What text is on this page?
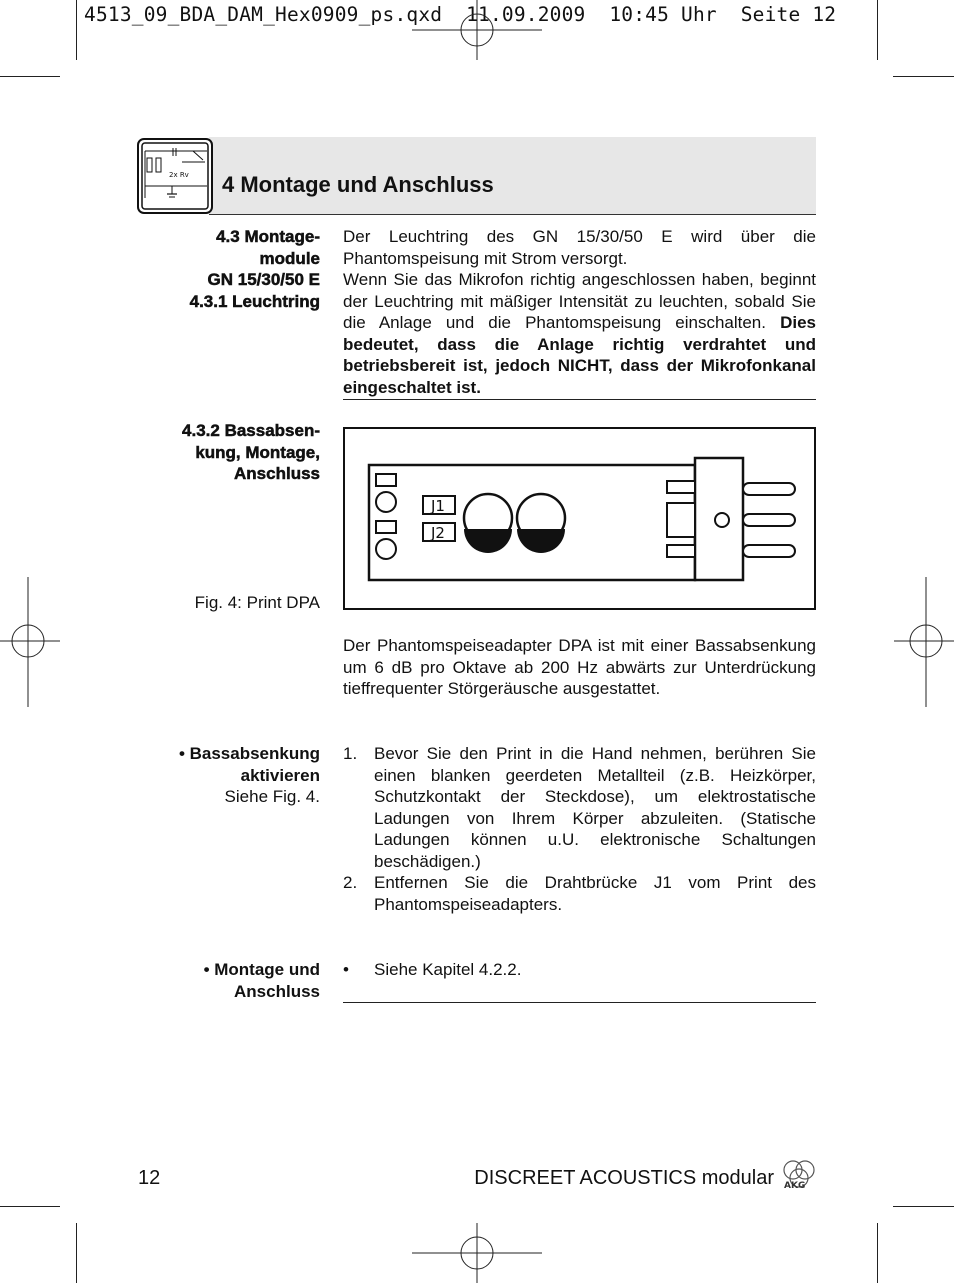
4513_09_BDA_DAM_Hex0909_ps.qxd  11.09.2009  10:45 Uhr  Seite 12
2x Rv 4 Montage und Anschluss
4.3 Montage-
module
GN 15/30/50 E
4.3.1 Leuchtring
Der Leuchtring des GN 15/30/50 E wird über die Phantomspeisung mit Strom versorgt.
Wenn Sie das Mikrofon richtig angeschlossen haben, beginnt der Leuchtring mit mäßiger Intensität zu leuchten, sobald Sie die Anlage und die Phantomspeisung einschalten. Dies bedeutet, dass die Anlage richtig verdrahtet und betriebsbereit ist, jedoch NICHT, dass der Mikrofonkanal eingeschaltet ist.
4.3.2 Bassabsen-
kung, Montage,
Anschluss
Fig. 4: Print DPA
J1
J2
Der Phantomspeiseadapter DPA ist mit einer Bassabsenkung um 6 dB pro Oktave ab 200 Hz abwärts zur Unterdrückung tieffrequenter Störgeräusche ausgestattet.
• Bassabsenkung
aktivieren
Siehe Fig. 4.
1. Bevor Sie den Print in die Hand nehmen, berühren Sie einen blanken geerdeten Metallteil (z.B. Heizkörper, Schutzkontakt der Steckdose), um elektrostatische Ladungen von Ihrem Körper abzuleiten. (Statische Ladungen können u.U. elektronische Schaltungen beschädigen.)
2. Entfernen Sie die Drahtbrücke J1 vom Print des Phantomspeiseadapters.
• Montage und
Anschluss
•	Siehe Kapitel 4.2.2.
12	DISCREET ACOUSTICS modular AKG
